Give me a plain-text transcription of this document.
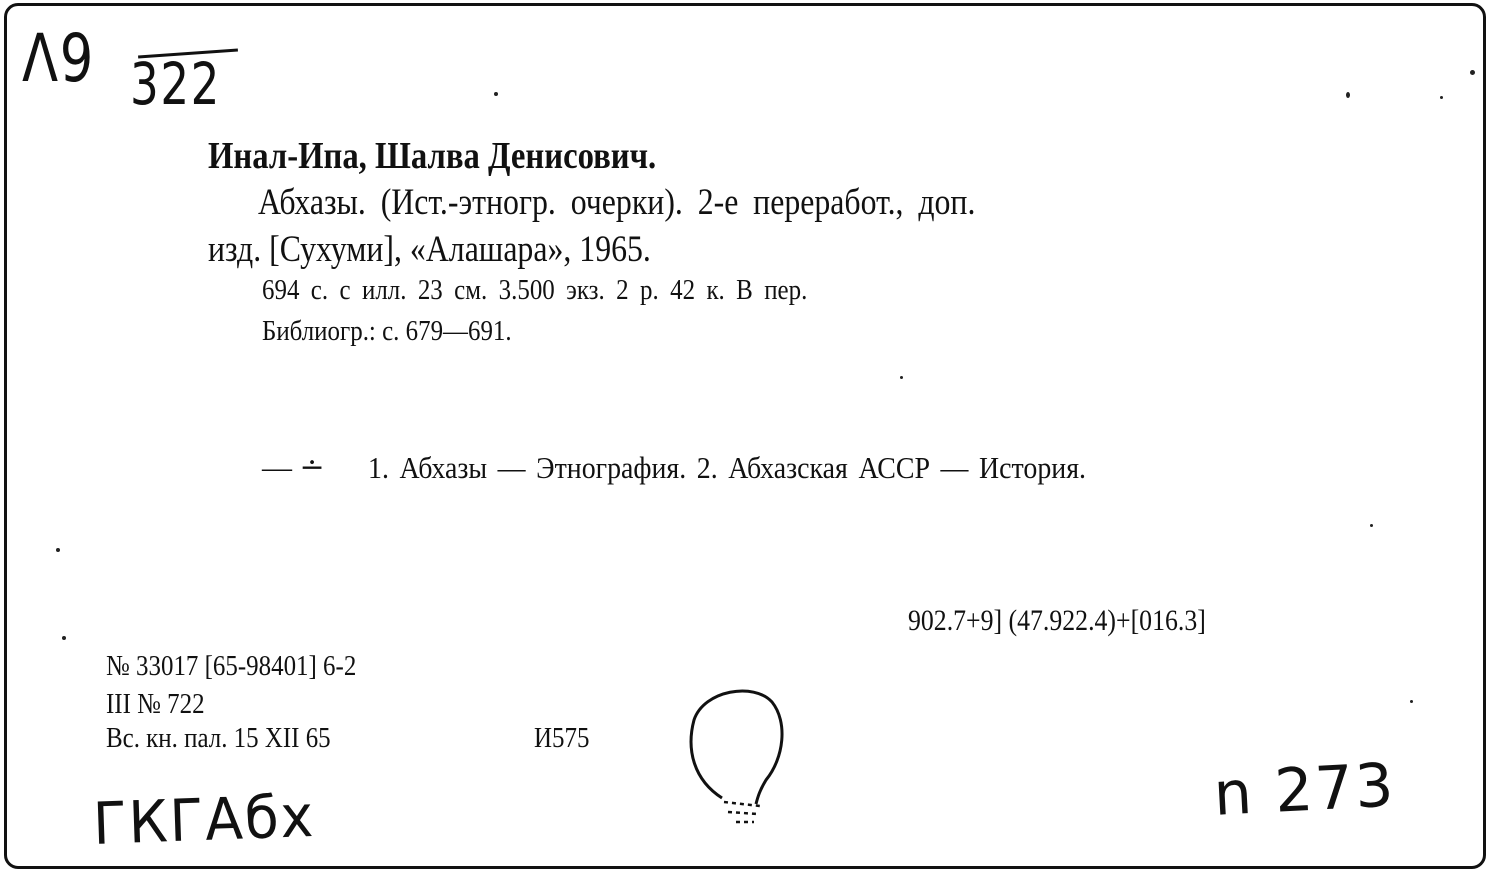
Λ9 322
Инал-Ипа, Шалва Денисович.
Абхазы. (Ист.-этногр. очерки). 2-е переработ., доп.
изд. [Сухуми], «Алашара», 1965.
694 с. с илл. 23 см. 3.500 экз. 2 р. 42 к. В пер.
Библиогр.: с. 679—691.
— ∸ 1. Абхазы — Этнография. 2. Абхазская АССР — История.
902.7+9] (47.922.4)+[016.3]
№ 33017 [65-98401] 6-2
III № 722
Вс. кн. пал. 15 XII 65	И575
ГКГАбх	n 273
